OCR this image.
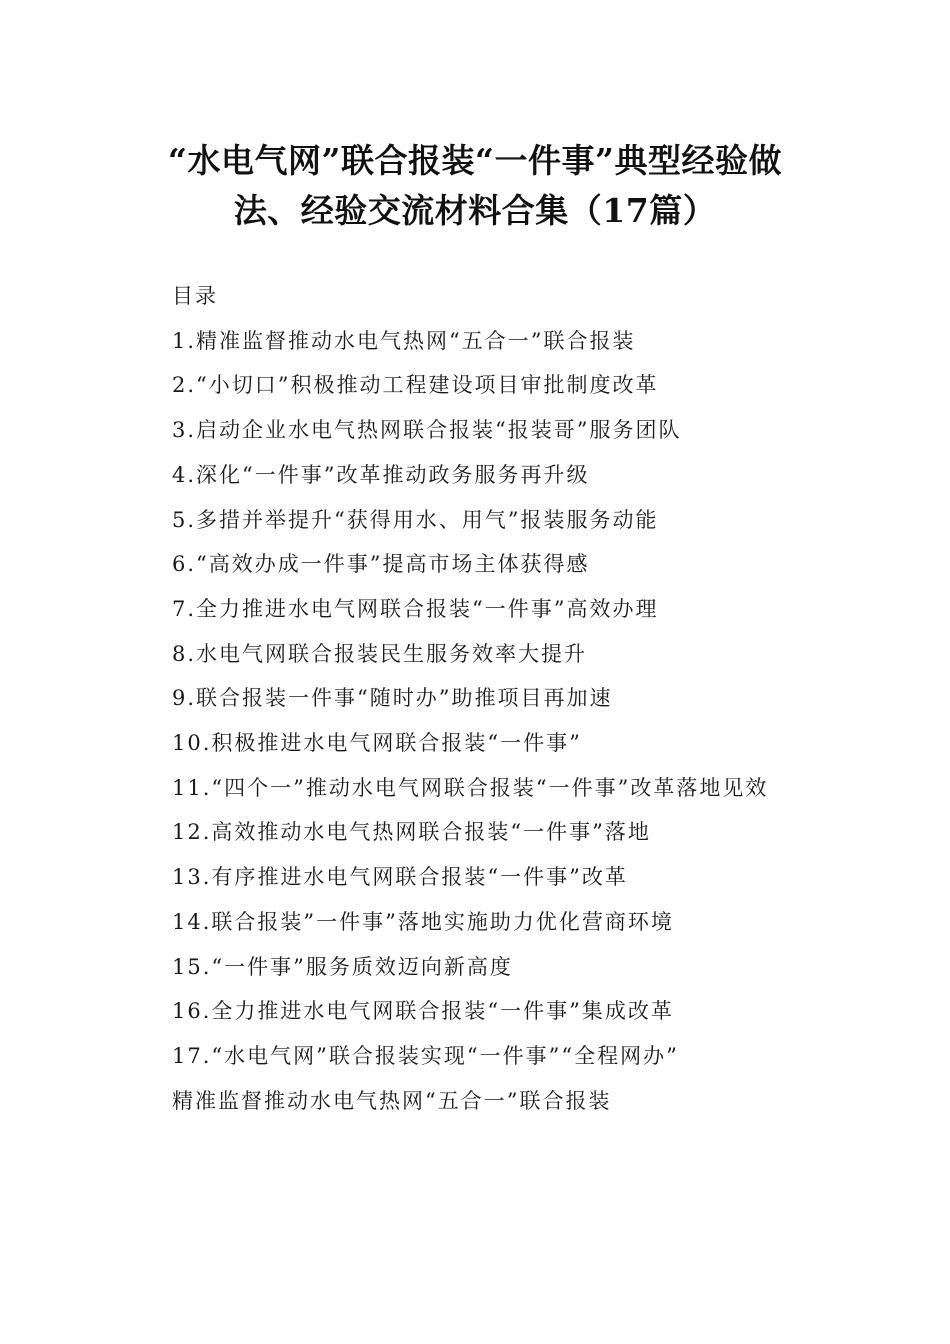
“水电气网”联合报装“一件事”典型经验做
法、经验交流材料合集（17篇）
目录
1.精准监督推动水电气热网“五合一”联合报装
2.“小切口”积极推动工程建设项目审批制度改革
3.启动企业水电气热网联合报装“报装哥”服务团队
4.深化“一件事”改革推动政务服务再升级
5.多措并举提升“获得用水、用气”报装服务动能
6.“高效办成一件事”提高市场主体获得感
7.全力推进水电气网联合报装“一件事”高效办理
8.水电气网联合报装民生服务效率大提升
9.联合报装一件事“随时办”助推项目再加速
10.积极推进水电气网联合报装“一件事”
11.“四个一”推动水电气网联合报装“一件事”改革落地见效
12.高效推动水电气热网联合报装“一件事”落地
13.有序推进水电气网联合报装“一件事”改革
14.联合报装”一件事”落地实施助力优化营商环境
15.“一件事”服务质效迈向新高度
16.全力推进水电气网联合报装“一件事”集成改革
17.“水电气网”联合报装实现“一件事”“全程网办”
精准监督推动水电气热网“五合一”联合报装
